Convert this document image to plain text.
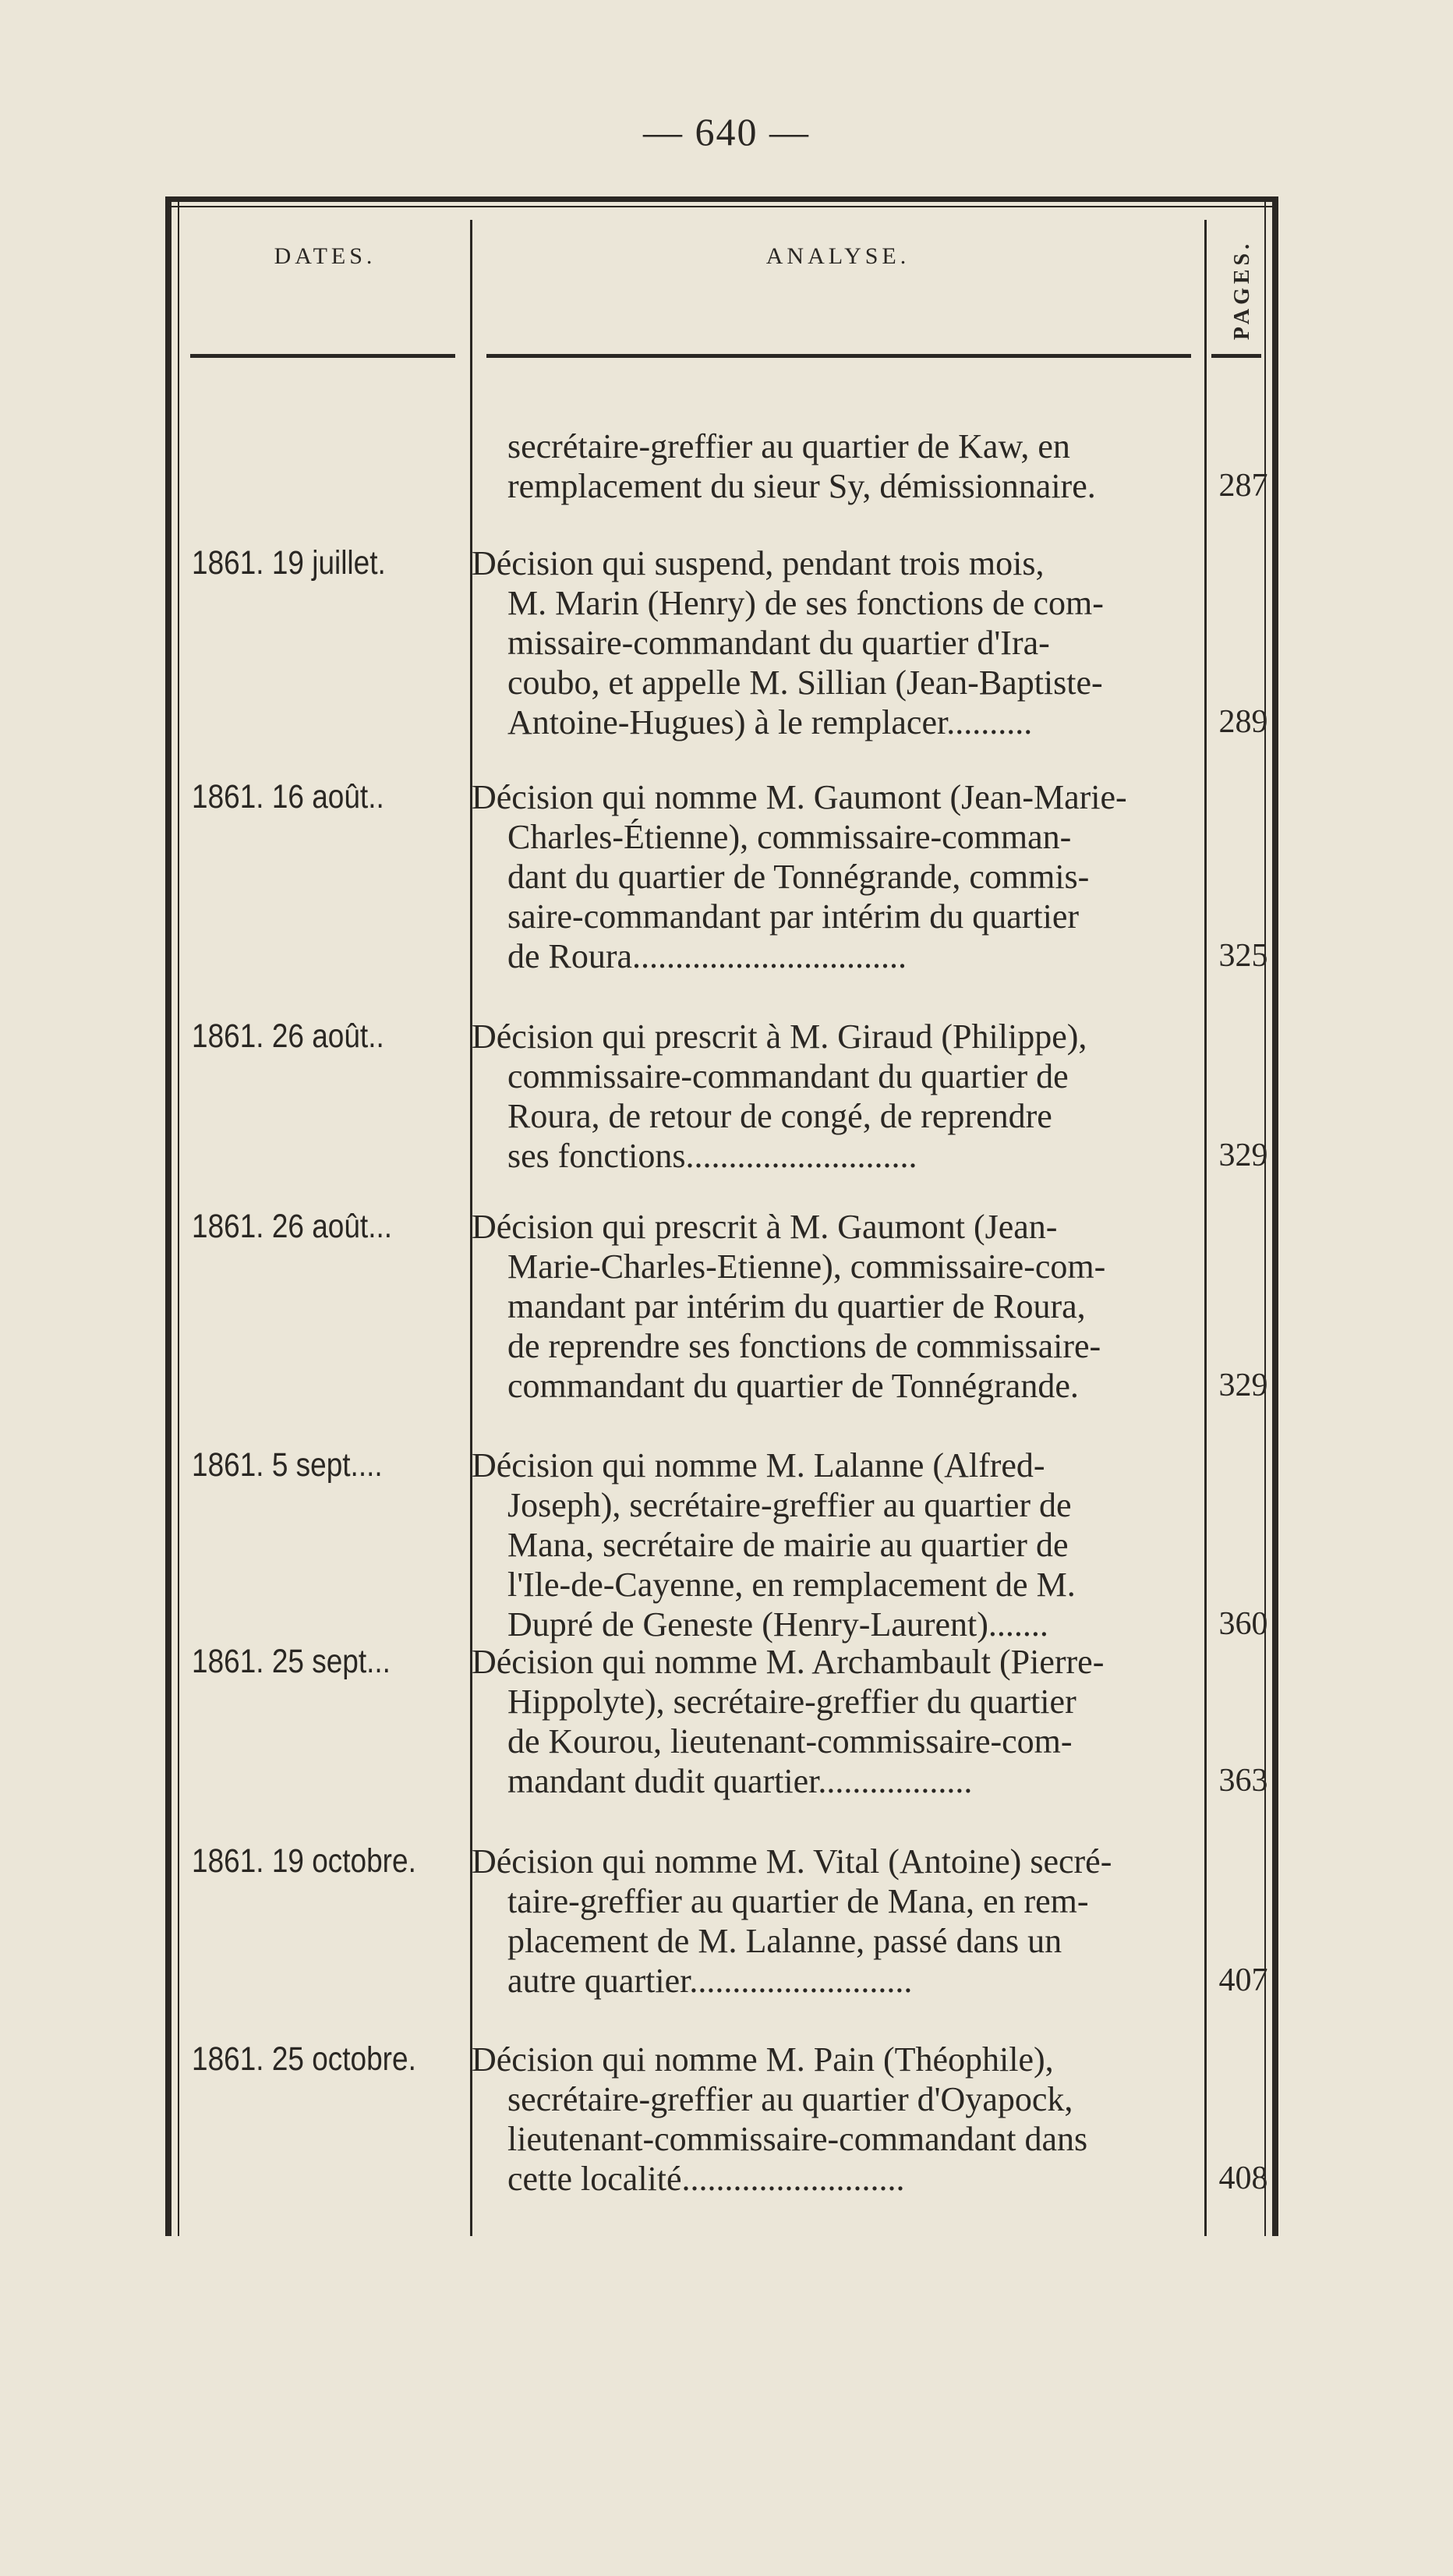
— 640 —
DATES.	ANALYSE.	PAGES.
secrétaire-greffier au quartier de Kaw, en
remplacement du sieur Sy, démissionnaire.	287
1861. 19 juillet.	Décision qui suspend, pendant trois mois,
M. Marin (Henry) de ses fonctions de com-
missaire-commandant du quartier d'Ira-
coubo, et appelle M. Sillian (Jean-Baptiste-
Antoine-Hugues) à le remplacer..........	289
1861. 16 août..	Décision qui nomme M. Gaumont (Jean-Marie-
Charles-Étienne), commissaire-comman-
dant du quartier de Tonnégrande, commis-
saire-commandant par intérim du quartier
de Roura................................	325
1861. 26 août..	Décision qui prescrit à M. Giraud (Philippe),
commissaire-commandant du quartier de
Roura, de retour de congé, de reprendre
ses fonctions...........................	329
1861. 26 août...	Décision qui prescrit à M. Gaumont (Jean-
Marie-Charles-Etienne), commissaire-com-
mandant par intérim du quartier de Roura,
de reprendre ses fonctions de commissaire-
commandant du quartier de Tonnégrande.	329
1861. 5 sept....	Décision qui nomme M. Lalanne (Alfred-
Joseph), secrétaire-greffier au quartier de
Mana, secrétaire de mairie au quartier de
l'Ile-de-Cayenne, en remplacement de M.
Dupré de Geneste (Henry-Laurent).......	360
1861. 25 sept...	Décision qui nomme M. Archambault (Pierre-
Hippolyte), secrétaire-greffier du quartier
de Kourou, lieutenant-commissaire-com-
mandant dudit quartier..................	363
1861. 19 octobre. Décision qui nomme M. Vital (Antoine) secré-
taire-greffier au quartier de Mana, en rem-
placement de M. Lalanne, passé dans un
autre quartier..........................	407
1861. 25 octobre. Décision qui nomme M. Pain (Théophile),
secrétaire-greffier au quartier d'Oyapock,
lieutenant-commissaire-commandant dans
cette localité..........................	408
